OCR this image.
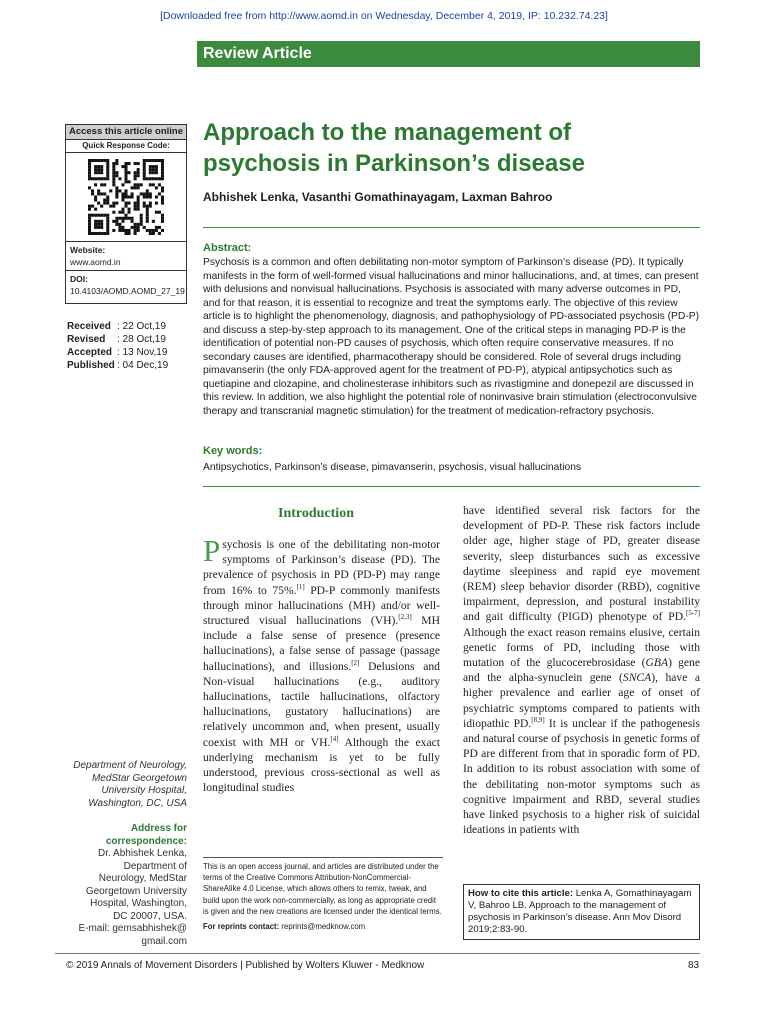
[Downloaded free from http://www.aomd.in on Wednesday, December 4, 2019, IP: 10.232.74.23]
Review Article
Access this article online
Quick Response Code:
Website:
www.aomd.in
DOI:
10.4103/AOMD.AOMD_27_19
Received : 22 Oct,19
Revised : 28 Oct,19
Accepted : 13 Nov,19
Published : 04 Dec,19
Approach to the management of
psychosis in Parkinson’s disease
Abhishek Lenka, Vasanthi Gomathinayagam, Laxman Bahroo
Abstract:
Psychosis is a common and often debilitating non-motor symptom of Parkinson’s disease (PD). It typically manifests in the form of well-formed visual hallucinations and minor hallucinations, and, at times, can present with delusions and nonvisual hallucinations. Psychosis is associated with many adverse outcomes in PD, and for that reason, it is essential to recognize and treat the symptoms early. The objective of this review article is to highlight the phenomenology, diagnosis, and pathophysiology of PD-associated psychosis (PD-P) and discuss a step-by-step approach to its management. One of the critical steps in managing PD-P is the identification of potential non-PD causes of psychosis, which often require conservative measures. If no secondary causes are identified, pharmacotherapy should be considered. Role of several drugs including pimavanserin (the only FDA-approved agent for the treatment of PD-P), atypical antipsychotics such as quetiapine and clozapine, and cholinesterase inhibitors such as rivastigmine and donepezil are discussed in this review. In addition, we also highlight the potential role of noninvasive brain stimulation (electroconvulsive therapy and transcranial magnetic stimulation) for the treatment of medication-refractory psychosis.
Key words:
Antipsychotics, Parkinson’s disease, pimavanserin, psychosis, visual hallucinations
Introduction
Psychosis is one of the debilitating non-motor symptoms of Parkinson’s disease (PD). The prevalence of psychosis in PD (PD-P) may range from 16% to 75%.[1] PD-P commonly manifests through minor hallucinations (MH) and/or well-structured visual hallucinations (VH).[2,3] MH include a false sense of presence (presence hallucinations), a false sense of passage (passage hallucinations), and illusions.[2] Delusions and Non-visual hallucinations (e.g., auditory hallucinations, tactile hallucinations, olfactory hallucinations, gustatory hallucinations) are relatively uncommon and, when present, usually coexist with MH or VH.[4] Although the exact underlying mechanism is yet to be fully understood, previous cross-sectional as well as longitudinal studies
have identified several risk factors for the development of PD-P. These risk factors include older age, higher stage of PD, greater disease severity, sleep disturbances such as excessive daytime sleepiness and rapid eye movement (REM) sleep behavior disorder (RBD), cognitive impairment, depression, and postural instability and gait difficulty (PIGD) phenotype of PD.[5-7] Although the exact reason remains elusive, certain genetic forms of PD, including those with mutation of the glucocerebrosidase (GBA) gene and the alpha-synuclein gene (SNCA), have a higher prevalence and earlier age of onset of psychiatric symptoms compared to patients with idiopathic PD.[8,9] It is unclear if the pathogenesis and natural course of psychosis in genetic forms of PD are different from that in sporadic form of PD. In addition to its robust association with some of the debilitating non-motor symptoms such as cognitive impairment and RBD, several studies have linked psychosis to a higher risk of suicidal ideations in patients with
Department of Neurology, MedStar Georgetown University Hospital, Washington, DC, USA
Address for correspondence:
Dr. Abhishek Lenka,
Department of
Neurology, MedStar
Georgetown University
Hospital, Washington,
DC 20007, USA.
E-mail: gemsabhishek@
gmail.com
This is an open access journal, and articles are distributed under the terms of the Creative Commons Attribution-NonCommercial-ShareAlike 4.0 License, which allows others to remix, tweak, and build upon the work non-commercially, as long as appropriate credit is given and the new creations are licensed under the identical terms.
For reprints contact: reprints@medknow.com
How to cite this article: Lenka A, Gomathinayagam V, Bahroo LB. Approach to the management of psychosis in Parkinson’s disease. Ann Mov Disord 2019;2:83-90.
© 2019 Annals of Movement Disorders | Published by Wolters Kluwer - Medknow	83
